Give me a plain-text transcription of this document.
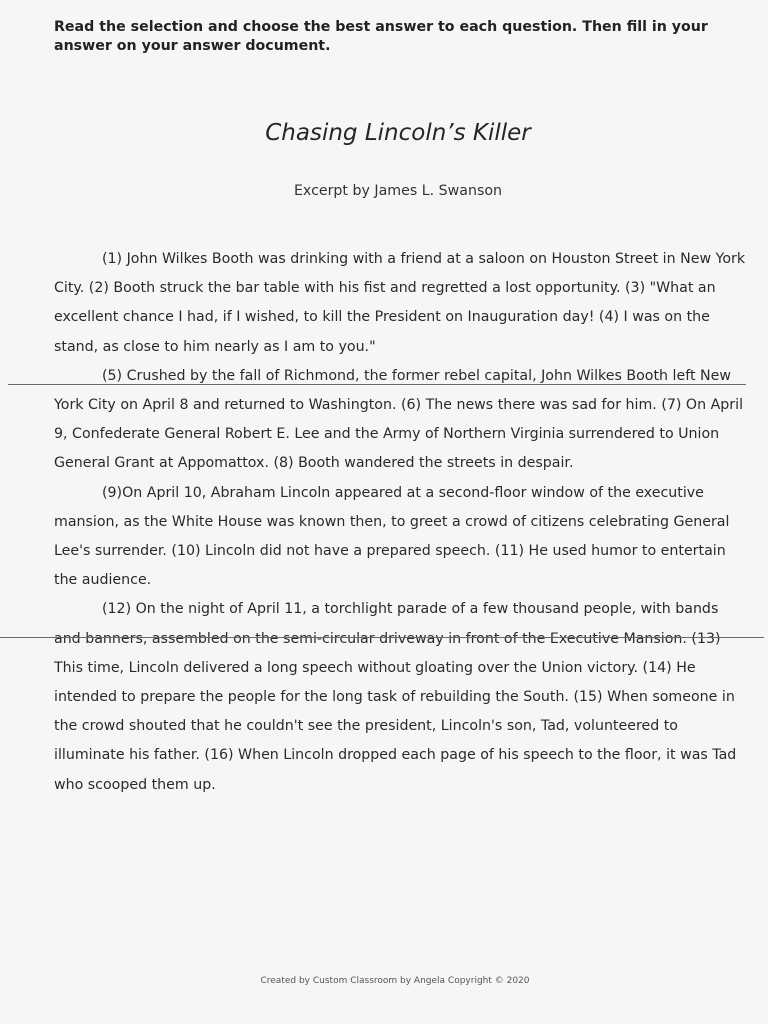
Read the selection and choose the best answer to each question. Then fill in your answer on your answer document.
Chasing Lincoln’s Killer
Excerpt by James L. Swanson

(1) John Wilkes Booth was drinking with a friend at a saloon on Houston Street in New York City. (2) Booth struck the bar table with his fist and regretted a lost opportunity. (3) "What an excellent chance I had, if I wished, to kill the President on Inauguration day! (4) I was on the stand, as close to him nearly as I am to you."

(5) Crushed by the fall of Richmond, the former rebel capital, John Wilkes Booth left New York City on April 8 and returned to Washington. (6) The news there was sad for him. (7) On April 9, Confederate General Robert E. Lee and the Army of Northern Virginia surrendered to Union General Grant at Appomattox. (8) Booth wandered the streets in despair.

(9)On April 10, Abraham Lincoln appeared at a second-floor window of the executive mansion, as the White House was known then, to greet a crowd of citizens celebrating General Lee's surrender. (10) Lincoln did not have a prepared speech. (11) He used humor to entertain the audience.

(12) On the night of April 11, a torchlight parade of a few thousand people, with bands and banners, assembled on the semi-circular driveway in front of the Executive Mansion. (13) This time, Lincoln delivered a long speech without gloating over the Union victory. (14) He intended to prepare the people for the long task of rebuilding the South. (15) When someone in the crowd shouted that he couldn't see the president, Lincoln's son, Tad, volunteered to illuminate his father. (16) When Lincoln dropped each page of his speech to the floor, it was Tad who scooped them up.

Created by Custom Classroom by Angela Copyright © 2020
